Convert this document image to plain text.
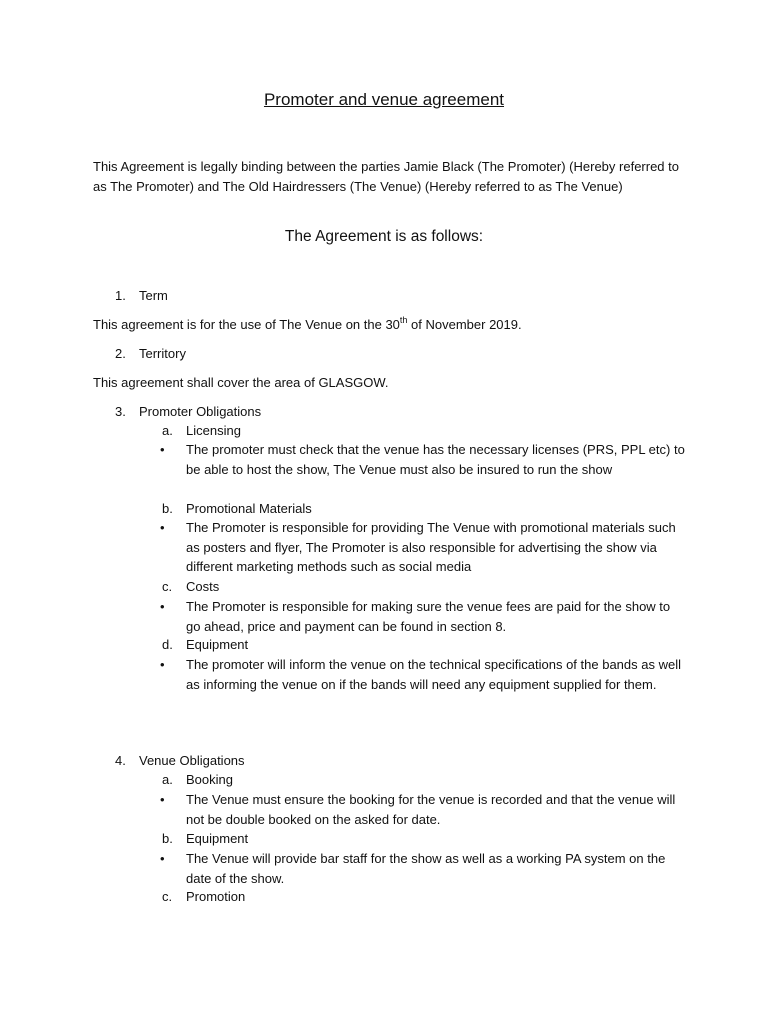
Promoter and venue agreement

This Agreement is legally binding between the parties Jamie Black (The Promoter) (Hereby referred to as The Promoter) and The Old Hairdressers (The Venue) (Hereby referred to as The Venue)

The Agreement is as follows:
1. Term
This agreement is for the use of The Venue on the 30th of November 2019.
2. Territory
This agreement shall cover the area of GLASGOW.
3. Promoter Obligations
a. Licensing
• The promoter must check that the venue has the necessary licenses (PRS, PPL etc) to be able to host the show, The Venue must also be insured to run the show

b. Promotional Materials
• The Promoter is responsible for providing The Venue with promotional materials such as posters and flyer, The Promoter is also responsible for advertising the show via different marketing methods such as social media

c. Costs
• The Promoter is responsible for making sure the venue fees are paid for the show to go ahead, price and payment can be found in section 8.

d. Equipment
• The promoter will inform the venue on the technical specifications of the bands as well as informing the venue on if the bands will need any equipment supplied for them.

4. Venue Obligations
a. Booking
• The Venue must ensure the booking for the venue is recorded and that the venue will not be double booked on the asked for date.

b. Equipment
• The Venue will provide bar staff for the show as well as a working PA system on the date of the show.

c. Promotion
